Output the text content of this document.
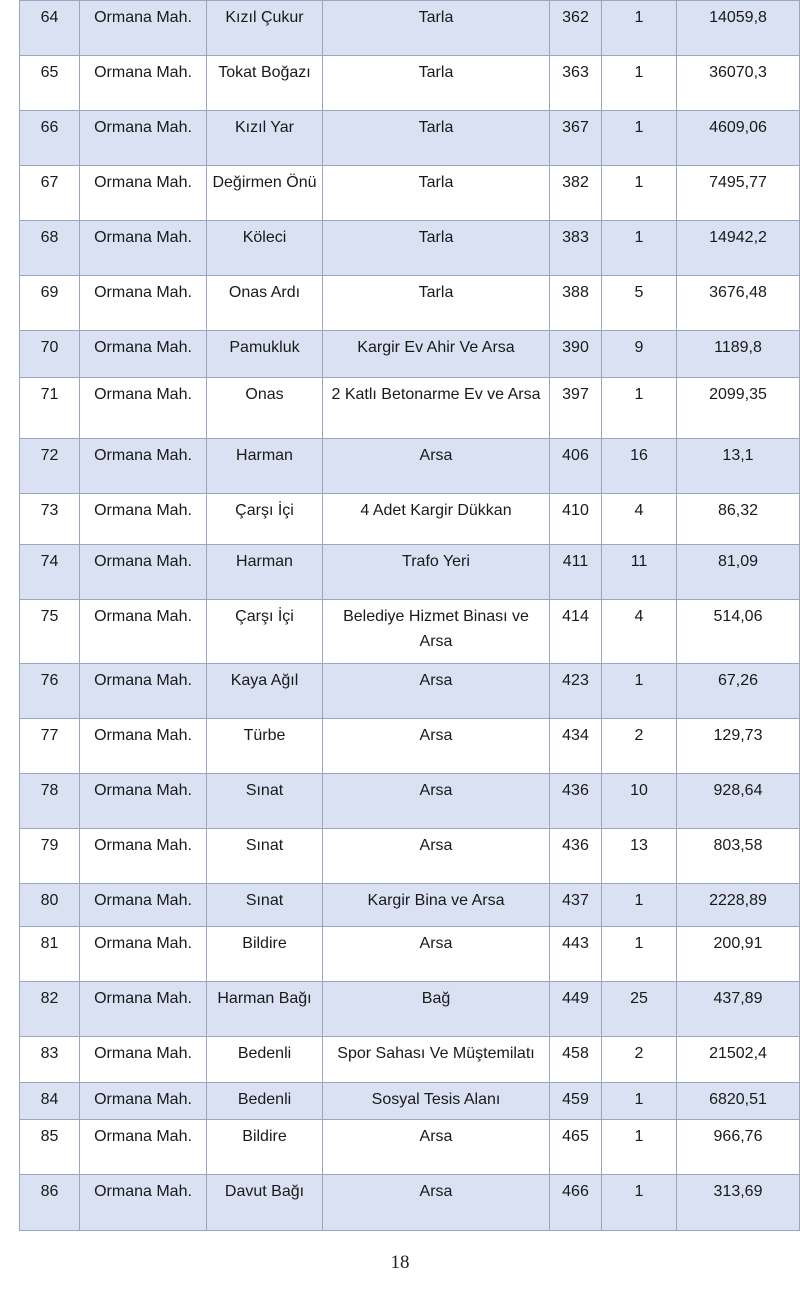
64	Ormana Mah.	Kızıl Çukur	Tarla	362	1	14059,8
65	Ormana Mah.	Tokat Boğazı	Tarla	363	1	36070,3
66	Ormana Mah.	Kızıl Yar	Tarla	367	1	4609,06
67	Ormana Mah.	Değirmen Önü	Tarla	382	1	7495,77
68	Ormana Mah.	Köleci	Tarla	383	1	14942,2
69	Ormana Mah.	Onas Ardı	Tarla	388	5	3676,48
70	Ormana Mah.	Pamukluk	Kargir Ev Ahir Ve Arsa	390	9	1189,8
71	Ormana Mah.	Onas	2 Katlı Betonarme Ev ve Arsa	397	1	2099,35
72	Ormana Mah.	Harman	Arsa	406	16	13,1
73	Ormana Mah.	Çarşı İçi	4 Adet Kargir Dükkan	410	4	86,32
74	Ormana Mah.	Harman	Trafo Yeri	411	11	81,09
75	Ormana Mah.	Çarşı İçi	Belediye Hizmet Binası ve Arsa	414	4	514,06
76	Ormana Mah.	Kaya Ağıl	Arsa	423	1	67,26
77	Ormana Mah.	Türbe	Arsa	434	2	129,73
78	Ormana Mah.	Sınat	Arsa	436	10	928,64
79	Ormana Mah.	Sınat	Arsa	436	13	803,58
80	Ormana Mah.	Sınat	Kargir Bina ve Arsa	437	1	2228,89
81	Ormana Mah.	Bildire	Arsa	443	1	200,91
82	Ormana Mah.	Harman Bağı	Bağ	449	25	437,89
83	Ormana Mah.	Bedenli	Spor Sahası Ve Müştemilatı	458	2	21502,4
84	Ormana Mah.	Bedenli	Sosyal Tesis Alanı	459	1	6820,51
85	Ormana Mah.	Bildire	Arsa	465	1	966,76
86	Ormana Mah.	Davut Bağı	Arsa	466	1	313,69
18
